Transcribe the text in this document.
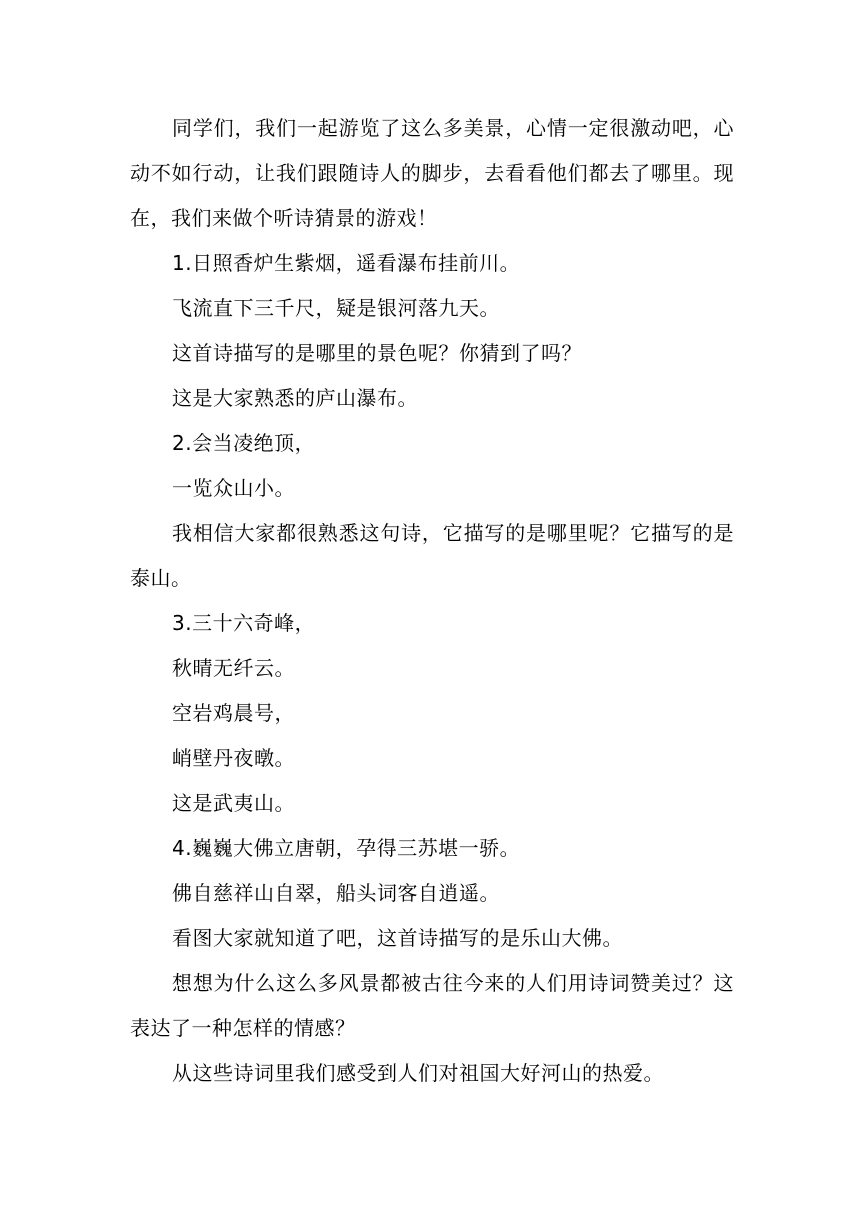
同学们，我们一起游览了这么多美景，心情一定很激动吧，心动不如行动，让我们跟随诗人的脚步，去看看他们都去了哪里。现在，我们来做个听诗猜景的游戏！

1.日照香炉生紫烟，遥看瀑布挂前川。

飞流直下三千尺，疑是银河落九天。

这首诗描写的是哪里的景色呢？你猜到了吗？

这是大家熟悉的庐山瀑布。

2.会当凌绝顶，

一览众山小。

我相信大家都很熟悉这句诗，它描写的是哪里呢？它描写的是泰山。

3.三十六奇峰，

秋晴无纤云。

空岩鸡晨号，

峭壁丹夜暾。

这是武夷山。

4.巍巍大佛立唐朝，孕得三苏堪一骄。

佛自慈祥山自翠，船头词客自逍遥。

看图大家就知道了吧，这首诗描写的是乐山大佛。

想想为什么这么多风景都被古往今来的人们用诗词赞美过？这表达了一种怎样的情感？

从这些诗词里我们感受到人们对祖国大好河山的热爱。
